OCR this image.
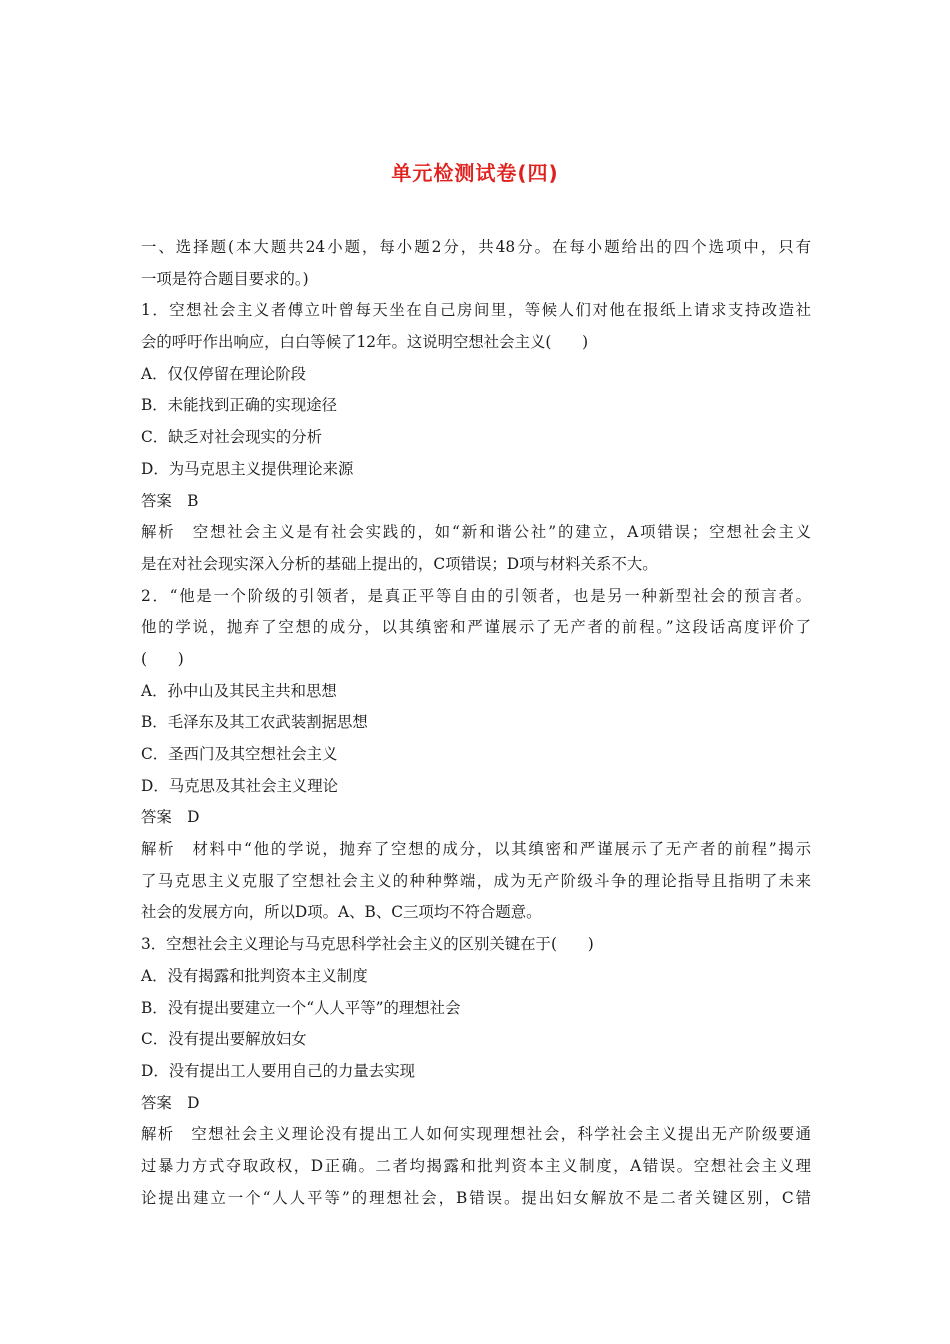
单元检测试卷(四)
一、选择题(本大题共24小题，每小题2分，共48分。在每小题给出的四个选项中，只有
一项是符合题目要求的。)
1．空想社会主义者傅立叶曾每天坐在自己房间里，等候人们对他在报纸上请求支持改造社
会的呼吁作出响应，白白等候了12年。这说明空想社会主义(　　)
A．仅仅停留在理论阶段
B．未能找到正确的实现途径
C．缺乏对社会现实的分析
D．为马克思主义提供理论来源
答案　B
解析　空想社会主义是有社会实践的，如“新和谐公社”的建立，A项错误；空想社会主义
是在对社会现实深入分析的基础上提出的，C项错误；D项与材料关系不大。
2．“他是一个阶级的引领者，是真正平等自由的引领者，也是另一种新型社会的预言者。
他的学说，抛弃了空想的成分，以其缜密和严谨展示了无产者的前程。”这段话高度评价了
(　　)
A．孙中山及其民主共和思想
B．毛泽东及其工农武装割据思想
C．圣西门及其空想社会主义
D．马克思及其社会主义理论
答案　D
解析　材料中“他的学说，抛弃了空想的成分，以其缜密和严谨展示了无产者的前程”揭示
了马克思主义克服了空想社会主义的种种弊端，成为无产阶级斗争的理论指导且指明了未来
社会的发展方向，所以D项。A、B、C三项均不符合题意。
3．空想社会主义理论与马克思科学社会主义的区别关键在于(　　)
A．没有揭露和批判资本主义制度
B．没有提出要建立一个“人人平等”的理想社会
C．没有提出要解放妇女
D．没有提出工人要用自己的力量去实现
答案　D
解析　空想社会主义理论没有提出工人如何实现理想社会，科学社会主义提出无产阶级要通
过暴力方式夺取政权，D正确。二者均揭露和批判资本主义制度，A错误。空想社会主义理
论提出建立一个“人人平等”的理想社会，B错误。提出妇女解放不是二者关键区别，C错
